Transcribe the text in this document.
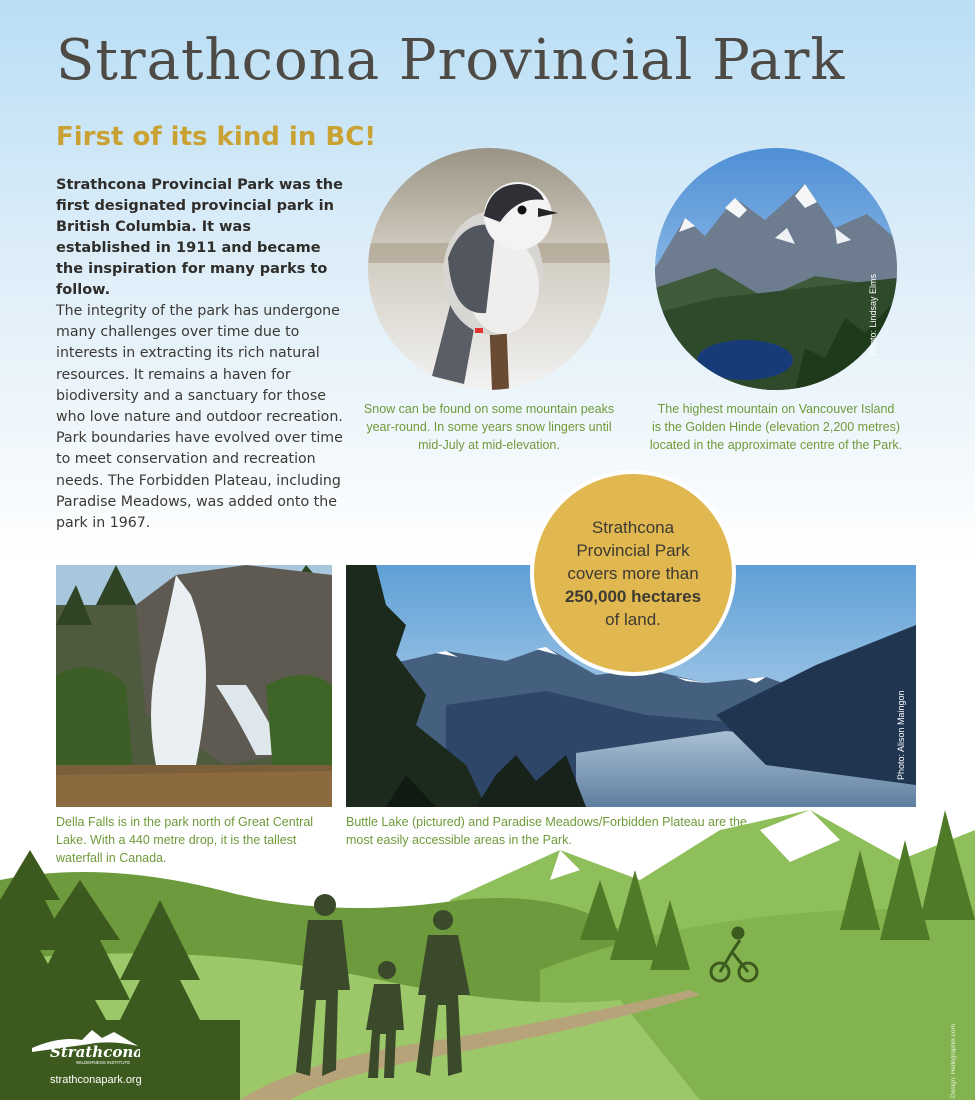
Strathcona Provincial Park
First of its kind in BC!

Strathcona Provincial Park was the first designated provincial park in British Columbia. It was established in 1911 and became the inspiration for many parks to follow.

The integrity of the park has undergone many challenges over time due to interests in extracting its rich natural resources. It remains a haven for biodiversity and a sanctuary for those who love nature and outdoor recreation. Park boundaries have evolved over time to meet conservation and recreation needs. The Forbidden Plateau, including Paradise Meadows, was added onto the park in 1967.

Snow can be found on some mountain peaks
year-round. In some years snow lingers until
mid-July at mid-elevation.
Photo: Lindsay Elms
The highest mountain on Vancouver Island
is the Golden Hinde (elevation 2,200 metres)
located in the approximate centre of the Park.
Della Falls is in the park north of Great Central
Lake. With a 440 metre drop, it is the tallest
waterfall in Canada.
Photo: Alison Maingon
Buttle Lake (pictured) and Paradise Meadows/Forbidden Plateau are the
most easily accessible areas in the Park.
Strathcona
Provincial Park
covers more than
250,000 hectares
of land.
Strathcona
WILDERNESS INSTITUTE
strathconapark.org	Design: Hellographix.com
